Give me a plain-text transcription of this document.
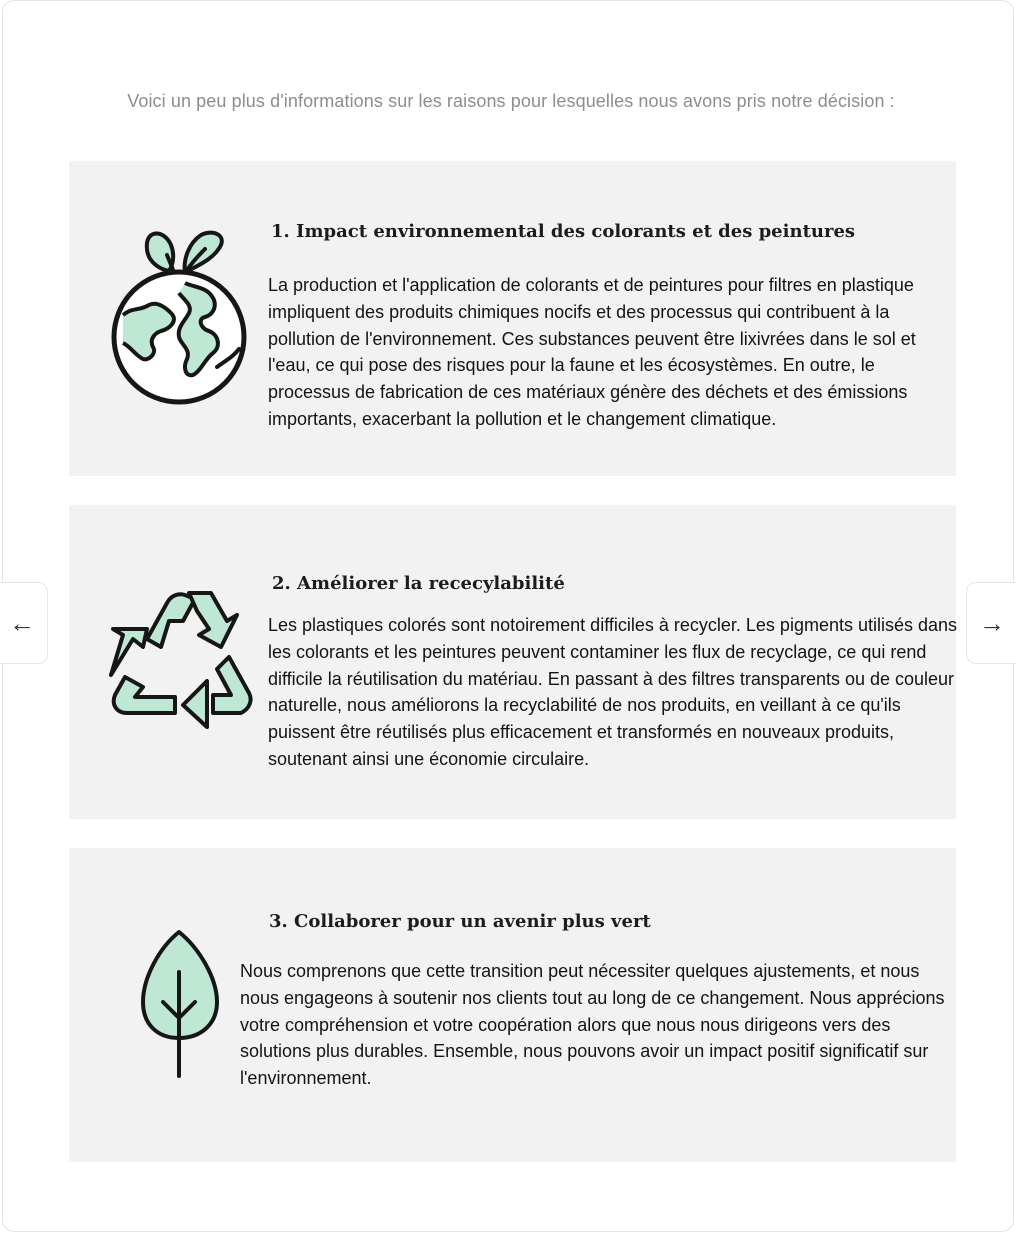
Voici un peu plus d'informations sur les raisons pour lesquelles nous avons pris notre décision :
1. Impact environnemental des colorants et des peintures
La production et l'application de colorants et de peintures pour filtres en plastique impliquent des produits chimiques nocifs et des processus qui contribuent à la pollution de l'environnement. Ces substances peuvent être lixivrées dans le sol et l'eau, ce qui pose des risques pour la faune et les écosystèmes. En outre, le processus de fabrication de ces matériaux génère des déchets et des émissions importants, exacerbant la pollution et le changement climatique.
2. Améliorer la rececylabilité
Les plastiques colorés sont notoirement difficiles à recycler. Les pigments utilisés dans les colorants et les peintures peuvent contaminer les flux de recyclage, ce qui rend difficile la réutilisation du matériau. En passant à des filtres transparents ou de couleur naturelle, nous améliorons la recyclabilité de nos produits, en veillant à ce qu'ils puissent être réutilisés plus efficacement et transformés en nouveaux produits, soutenant ainsi une économie circulaire.
3. Collaborer pour un avenir plus vert
Nous comprenons que cette transition peut nécessiter quelques ajustements, et nous nous engageons à soutenir nos clients tout au long de ce changement. Nous apprécions votre compréhension et votre coopération alors que nous nous dirigeons vers des solutions plus durables. Ensemble, nous pouvons avoir un impact positif significatif sur l'environnement.
←	→
